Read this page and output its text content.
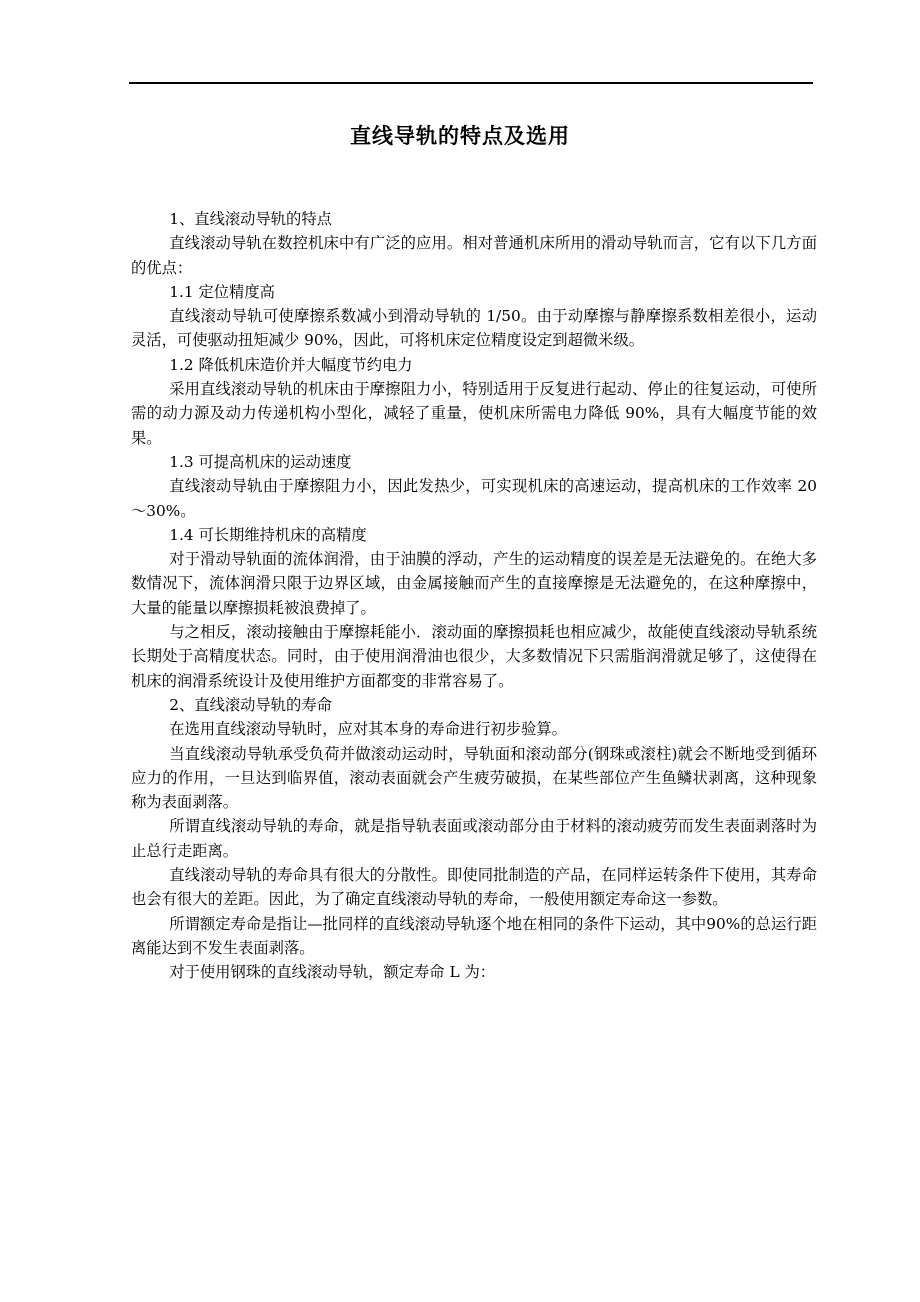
直线导轨的特点及选用

1、直线滚动导轨的特点

直线滚动导轨在数控机床中有广泛的应用。相对普通机床所用的滑动导轨而言，它有以下几方面的优点：

1.1 定位精度高

直线滚动导轨可使摩擦系数减小到滑动导轨的 1/50。由于动摩擦与静摩擦系数相差很小，运动灵活，可使驱动扭矩减少 90%，因此，可将机床定位精度设定到超微米级。

1.2 降低机床造价并大幅度节约电力

采用直线滚动导轨的机床由于摩擦阻力小，特别适用于反复进行起动、停止的往复运动，可使所需的动力源及动力传递机构小型化，减轻了重量，使机床所需电力降低 90%，具有大幅度节能的效果。

1.3 可提高机床的运动速度

直线滚动导轨由于摩擦阻力小，因此发热少，可实现机床的高速运动，提高机床的工作效率 20～30%。

1.4 可长期维持机床的高精度

对于滑动导轨面的流体润滑，由于油膜的浮动，产生的运动精度的误差是无法避免的。在绝大多数情况下，流体润滑只限于边界区域，由金属接触而产生的直接摩擦是无法避免的，在这种摩擦中，大量的能量以摩擦损耗被浪费掉了。

与之相反，滚动接触由于摩擦耗能小．滚动面的摩擦损耗也相应减少，故能使直线滚动导轨系统长期处于高精度状态。同时，由于使用润滑油也很少，大多数情况下只需脂润滑就足够了，这使得在机床的润滑系统设计及使用维护方面都变的非常容易了。

2、直线滚动导轨的寿命

在选用直线滚动导轨时，应对其本身的寿命进行初步验算。

当直线滚动导轨承受负荷并做滚动运动时，导轨面和滚动部分(钢珠或滚柱)就会不断地受到循环应力的作用，一旦达到临界值，滚动表面就会产生疲劳破损，在某些部位产生鱼鳞状剥离，这种现象称为表面剥落。

所谓直线滚动导轨的寿命，就是指导轨表面或滚动部分由于材料的滚动疲劳而发生表面剥落时为止总行走距离。

直线滚动导轨的寿命具有很大的分散性。即使同批制造的产品，在同样运转条件下使用，其寿命也会有很大的差距。因此，为了确定直线滚动导轨的寿命，一般使用额定寿命这一参数。

所谓额定寿命是指让—批同样的直线滚动导轨逐个地在相同的条件下运动，其中90%的总运行距离能达到不发生表面剥落。

对于使用钢珠的直线滚动导轨，额定寿命 L 为：
